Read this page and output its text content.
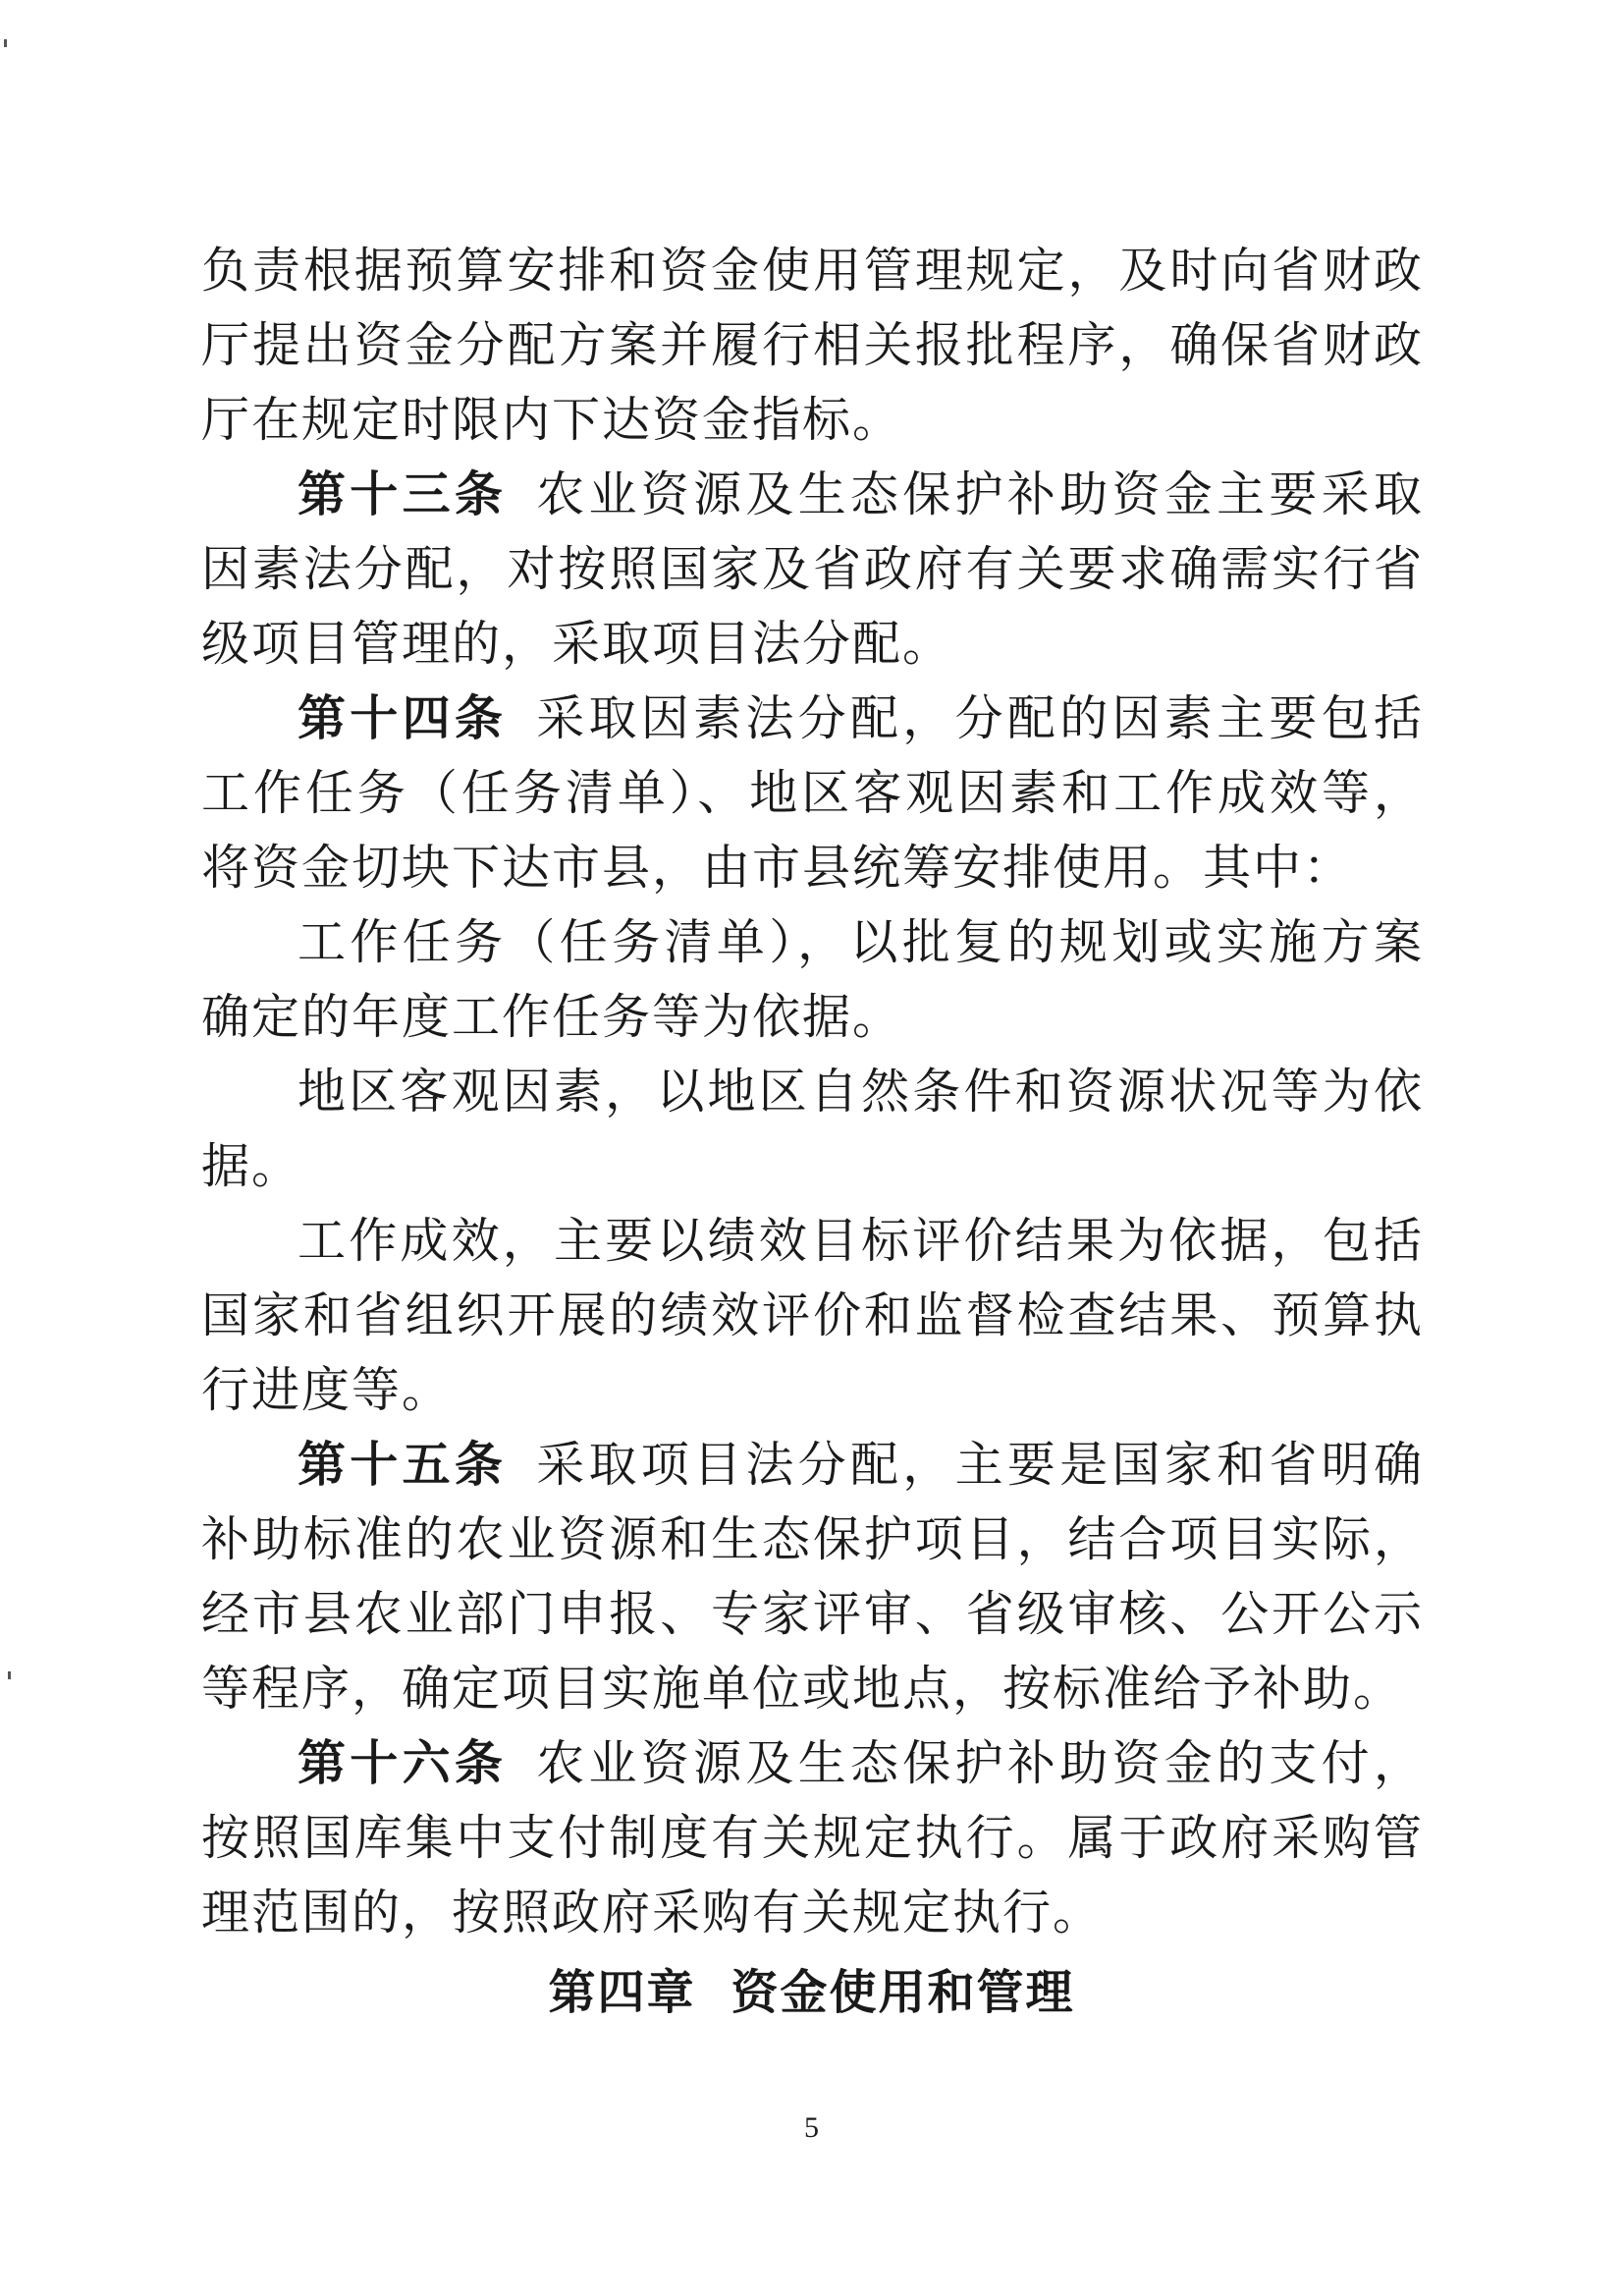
负责根据预算安排和资金使用管理规定，及时向省财政厅提出资金分配方案并履行相关报批程序，确保省财政厅在规定时限内下达资金指标。

第十三条 农业资源及生态保护补助资金主要采取因素法分配，对按照国家及省政府有关要求确需实行省级项目管理的，采取项目法分配。

第十四条 采取因素法分配，分配的因素主要包括工作任务（任务清单）、地区客观因素和工作成效等，将资金切块下达市县，由市县统筹安排使用。其中：

工作任务（任务清单），以批复的规划或实施方案确定的年度工作任务等为依据。

地区客观因素，以地区自然条件和资源状况等为依据。

工作成效，主要以绩效目标评价结果为依据，包括国家和省组织开展的绩效评价和监督检查结果、预算执行进度等。

第十五条 采取项目法分配，主要是国家和省明确补助标准的农业资源和生态保护项目，结合项目实际，经市县农业部门申报、专家评审、省级审核、公开公示等程序，确定项目实施单位或地点，按标准给予补助。

第十六条 农业资源及生态保护补助资金的支付，按照国库集中支付制度有关规定执行。属于政府采购管理范围的，按照政府采购有关规定执行。

第四章 资金使用和管理
5
